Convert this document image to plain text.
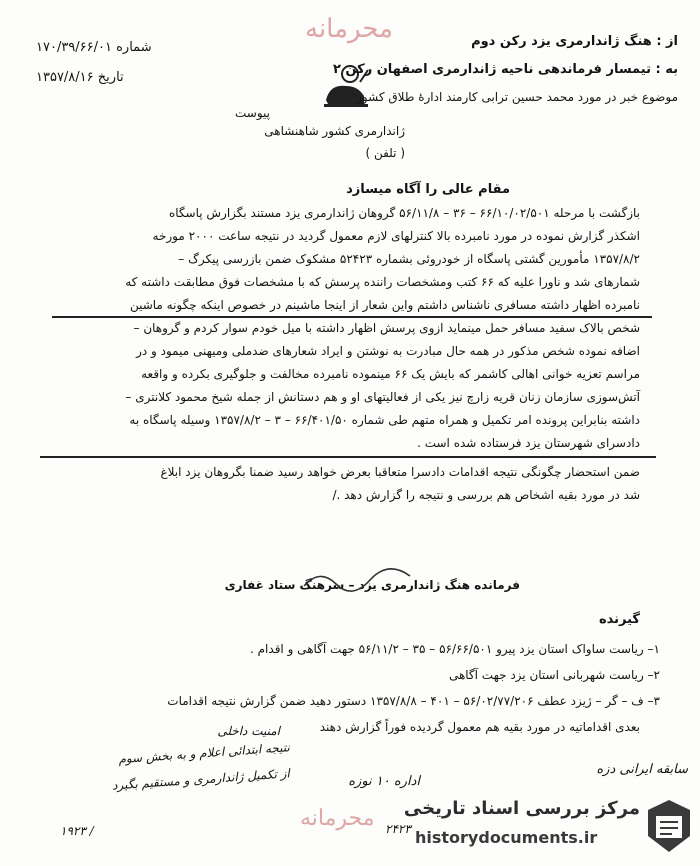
محرمانه
محرمانه
از : هنگ ژاندارمری یزد رکن دوم
به : تیمسار فرماندهی ناحیه ژاندارمری اصفهان رکن ۲
موضوع خبر در مورد محمد حسین ترابی کارمند ادارۀ طلاق کشور
۱۷۰/۳۹/۶۶/۰۱ شماره
۱۳۵۷/۸/۱۶ تاریخ
پیوست
ژاندارمری کشور شاهنشاهی
( تلفن )
مقام عالی را آگاه میسازد
بازگشت با مرحله ۶۶/۱۰/۰۲/۵۰۱ – ۳۶ – ۵۶/۱۱/۸ گروهان ژاندارمری یزد مستند بگزارش پاسگاه
اشکذر گزارش نموده در مورد نامبرده بالا کنترلهای لازم معمول گردید در نتیجه ساعت ۲۰۰۰ مورخه
۱۳۵۷/۸/۲ مأمورین گشتی پاسگاه از خودروئی بشماره ۵۲۴۲۳ مشکوک ضمن بازرسی پیکرگ –
شمارهای شد و ناورا علیه که ۶۶ کتب ومشخصات راننده پرسش که با مشخصات فوق مطابقت داشته که
نامبرده اظهار داشته مسافری ناشناس داشتم واین شعار از اینجا ماشینم در خصوص اینکه چگونه ماشین
شخص بالاک سفید مسافر حمل مینماید ازوی پرسش اظهار داشته با میل خودم سوار کردم و گروهان –
اضافه نموده شخص مذکور در همه حال مبادرت به نوشتن و ایراد شعارهای ضدملی ومیهنی میمود و در
مراسم تعزیه خوانی اهالی کاشمر که بایش یک ۶۶ مینموده نامبرده مخالفت و جلوگیری بکرده و واقعه
آتش‌سوزی سازمان زنان قریه زارچ نیز یکی از فعالیتهای او و هم دستانش از جمله شیخ محمود کلانتری –
داشته بنابراین پرونده امر تکمیل و همراه متهم طی شماره ۶۶/۴۰۱/۵۰ – ۳ – ۱۳۵۷/۸/۲ وسیله پاسگاه به
دادسرای شهرستان یزد فرستاده شده است .
ضمن استحضار چگونگی نتیجه اقدامات دادسرا متعاقبا بعرض خواهد رسید ضمنا بگروهان یزد ابلاغ
شد در مورد بقیه اشخاص هم بررسی و نتیجه را گزارش دهد ./
فرمانده هنگ ژاندارمری یزد – سرهنگ ستاد غفاری
گیرنده
۱– ریاست ساواک استان یزد پیرو ۵۶/۶۶/۵۰۱ – ۳۵ – ۵۶/۱۱/۲ جهت آگاهی و اقدام .
۲– ریاست شهربانی استان یزد جهت آگاهی
۳– ف – گر – ژیزد عطف ۵۶/۰۲/۷۷/۲۰۶ – ۴۰۱ – ۱۳۵۷/۸/۸ دستور دهید ضمن گزارش نتیجه اقدامات
بعدی اقداماتیه در مورد بقیه هم معمول گردیده فوراً گزارش دهند
امنیت داخلی
نتیجه ابتدائی اعلام و به بخش سوم
از تکمیل ژاندارمری و مستقیم بگیرد
۱۹۲۳ /
اداره ۱۰ نوزه
سابقه ایرانی دزه
۲۴۲۳
مرکز بررسی اسناد تاریخی
historydocuments.ir
